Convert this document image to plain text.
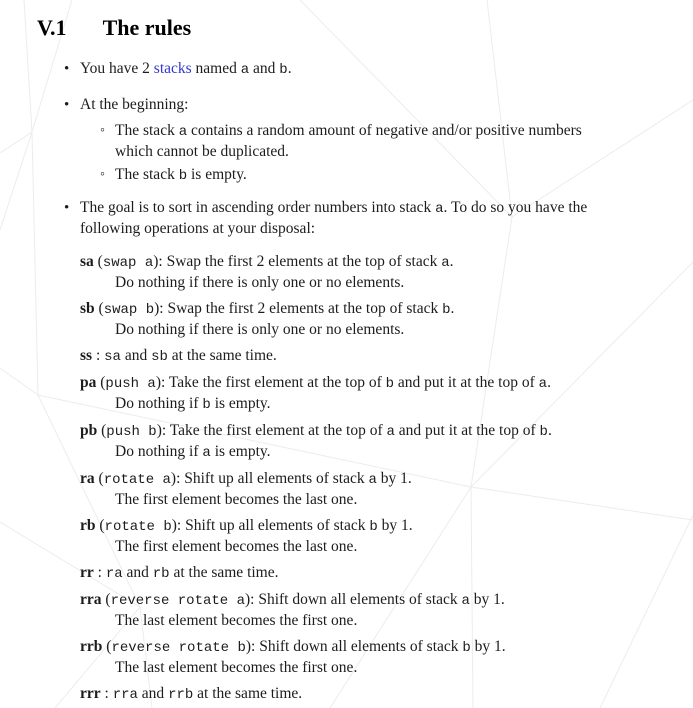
V.1 The rules
• You have 2 stacks named a and b.
• At the beginning:
◦ The stack a contains a random amount of negative and/or positive numbers
which cannot be duplicated.
◦ The stack b is empty.
• The goal is to sort in ascending order numbers into stack a. To do so you have the
following operations at your disposal:
sa (swap a): Swap the first 2 elements at the top of stack a.
Do nothing if there is only one or no elements.
sb (swap b): Swap the first 2 elements at the top of stack b.
Do nothing if there is only one or no elements.
ss : sa and sb at the same time.
pa (push a): Take the first element at the top of b and put it at the top of a.
Do nothing if b is empty.
pb (push b): Take the first element at the top of a and put it at the top of b.
Do nothing if a is empty.
ra (rotate a): Shift up all elements of stack a by 1.
The first element becomes the last one.
rb (rotate b): Shift up all elements of stack b by 1.
The first element becomes the last one.
rr : ra and rb at the same time.
rra (reverse rotate a): Shift down all elements of stack a by 1.
The last element becomes the first one.
rrb (reverse rotate b): Shift down all elements of stack b by 1.
The last element becomes the first one.
rrr : rra and rrb at the same time.
